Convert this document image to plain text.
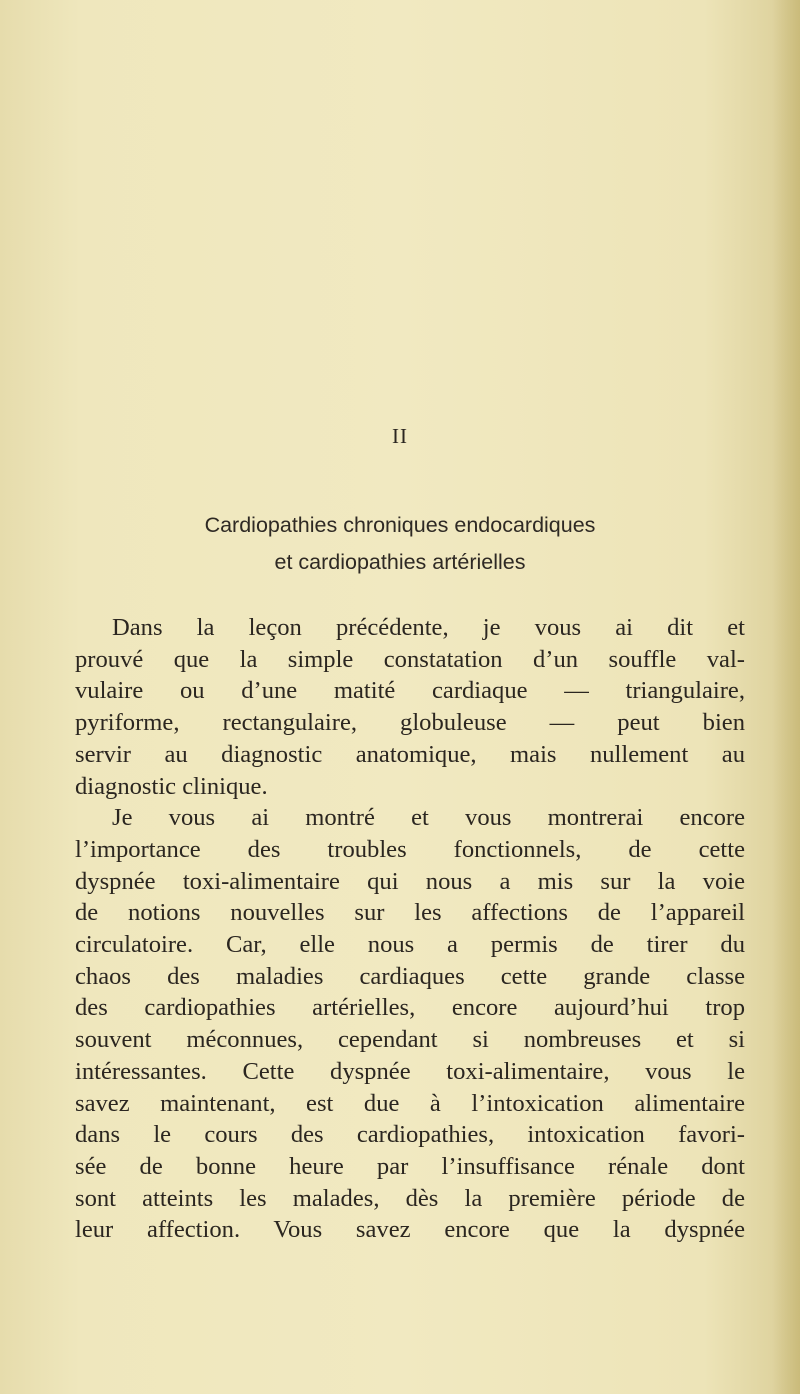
II
Cardiopathies chroniques endocardiques
et cardiopathies artérielles
Dans la leçon précédente, je vous ai dit et
prouvé que la simple constatation d’un souffle val-
vulaire ou d’une matité cardiaque — triangulaire,
pyriforme, rectangulaire, globuleuse — peut bien
servir au diagnostic anatomique, mais nullement au
diagnostic clinique.
Je vous ai montré et vous montrerai encore
l’importance des troubles fonctionnels, de cette
dyspnée toxi-alimentaire qui nous a mis sur la voie
de notions nouvelles sur les affections de l’appareil
circulatoire. Car, elle nous a permis de tirer du
chaos des maladies cardiaques cette grande classe
des cardiopathies artérielles, encore aujourd’hui trop
souvent méconnues, cependant si nombreuses et si
intéressantes. Cette dyspnée toxi-alimentaire, vous le
savez maintenant, est due à l’intoxication alimentaire
dans le cours des cardiopathies, intoxication favori-
sée de bonne heure par l’insuffisance rénale dont
sont atteints les malades, dès la première période de
leur affection. Vous savez encore que la dyspnée
